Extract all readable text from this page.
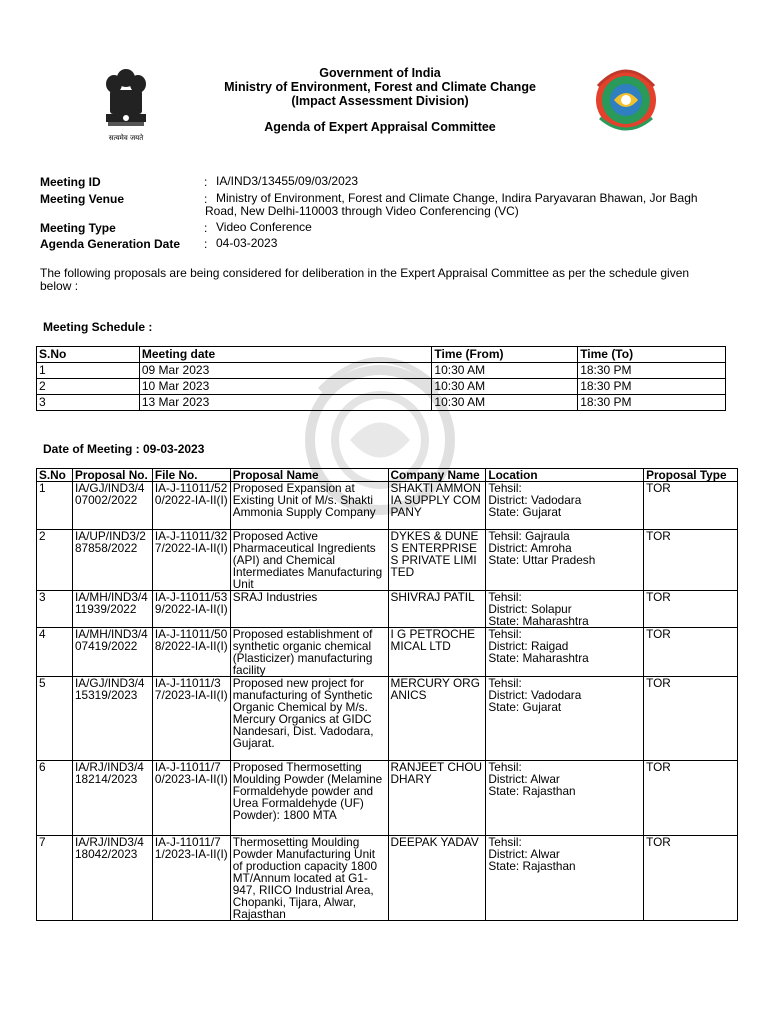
सत्यमेव जयते
Government of India
Ministry of Environment, Forest and Climate Change
(Impact Assessment Division)
Agenda of Expert Appraisal Committee
Meeting ID	: IA/IND3/13455/09/03/2023
Meeting Venue	: Ministry of Environment, Forest and Climate Change, Indira Paryavaran Bhawan, Jor Bagh Road, New Delhi-110003 through Video Conferencing (VC)
Meeting Type	: Video Conference
Agenda Generation Date : 04-03-2023
The following proposals are being considered for deliberation in the Expert Appraisal Committee as per the schedule given below :
Meeting Schedule :
S.No	Meeting date	Time (From)	Time (To)
1	09 Mar 2023	10:30 AM	18:30 PM
2	10 Mar 2023	10:30 AM	18:30 PM
3	13 Mar 2023	10:30 AM	18:30 PM
Date of Meeting : 09-03-2023
S.No	Proposal No.	File No.	Proposal Name	Company Name	Location	Proposal Type
1	IA/GJ/IND3/407002/2022	IA-J-11011/520/2022-IA-II(I)	Proposed Expansion at Existing Unit of M/s. Shakti Ammonia Supply Company	SHAKTI AMMONIA SUPPLY COMPANY	Tehsil:
District: Vadodara
State: Gujarat	TOR
2	IA/UP/IND3/287858/2022	IA-J-11011/327/2022-IA-II(I)	Proposed Active Pharmaceutical Ingredients (API) and Chemical Intermediates Manufacturing Unit	DYKES & DUNES ENTERPRISES PRIVATE LIMITED	Tehsil: Gajraula
District: Amroha
State: Uttar Pradesh	TOR
3	IA/MH/IND3/411939/2022	IA-J-11011/539/2022-IA-II(I)	SRAJ Industries	SHIVRAJ PATIL	Tehsil:
District: Solapur
State: Maharashtra	TOR
4	IA/MH/IND3/407419/2022	IA-J-11011/508/2022-IA-II(I)	Proposed establishment of synthetic organic chemical (Plasticizer) manufacturing facility	I G PETROCHEMICAL LTD	Tehsil:
District: Raigad
State: Maharashtra	TOR
5	IA/GJ/IND3/415319/2023	IA-J-11011/37/2023-IA-II(I)	Proposed new project for manufacturing of Synthetic Organic Chemical by M/s. Mercury Organics at GIDC Nandesari, Dist. Vadodara, Gujarat.	MERCURY ORGANICS	Tehsil:
District: Vadodara
State: Gujarat	TOR
6	IA/RJ/IND3/418214/2023	IA-J-11011/70/2023-IA-II(I)	Proposed Thermosetting Moulding Powder (Melamine Formaldehyde powder and Urea Formaldehyde (UF) Powder): 1800 MTA	RANJEET CHOUDHARY	Tehsil:
District: Alwar
State: Rajasthan	TOR
7	IA/RJ/IND3/418042/2023	IA-J-11011/71/2023-IA-II(I)	Thermosetting Moulding Powder Manufacturing Unit of production capacity 1800 MT/Annum located at G1-947, RIICO Industrial Area, Chopanki, Tijara, Alwar, Rajasthan	DEEPAK YADAV	Tehsil:
District: Alwar
State: Rajasthan	TOR
